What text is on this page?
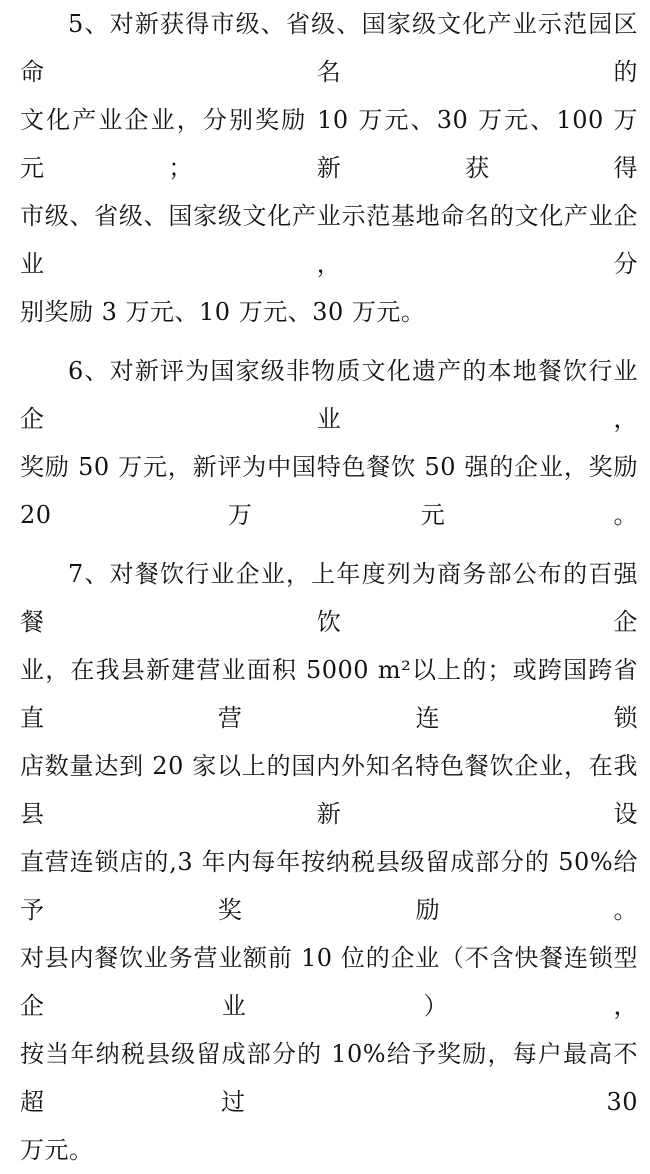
5、对新获得市级、省级、国家级文化产业示范园区命名的
文化产业企业，分别奖励 10 万元、30 万元、100 万元；新获得
市级、省级、国家级文化产业示范基地命名的文化产业企业，分
别奖励 3 万元、10 万元、30 万元。

6、对新评为国家级非物质文化遗产的本地餐饮行业企业，
奖励 50 万元，新评为中国特色餐饮 50 强的企业，奖励 20 万元。

7、对餐饮行业企业，上年度列为商务部公布的百强餐饮企
业，在我县新建营业面积 5000 m²以上的；或跨国跨省直营连锁
店数量达到 20 家以上的国内外知名特色餐饮企业，在我县新设
直营连锁店的,3 年内每年按纳税县级留成部分的 50%给予奖励。
对县内餐饮业务营业额前 10 位的企业（不含快餐连锁型企业），
按当年纳税县级留成部分的 10%给予奖励，每户最高不超过 30
万元。
